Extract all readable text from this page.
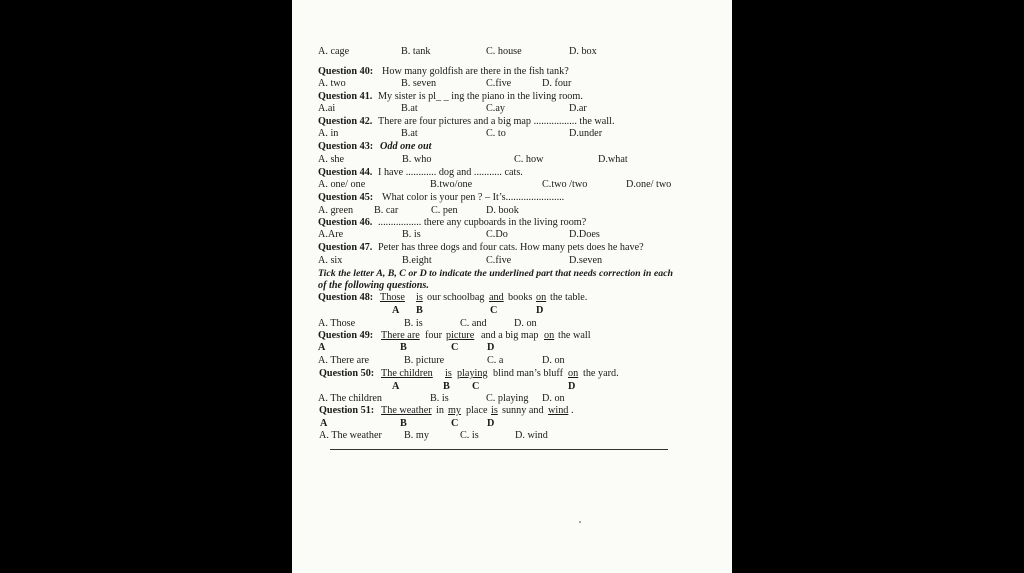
A. cage	B. tank	C. house	D. box
Question 40: How many goldfish are there in the fish tank?
A. two	B. seven	C.five	D. four
Question 41. My sister is pl_ _ ing the piano in the living room.
A.ai	B.at	C.ay	D.ar
Question 42. There are four pictures and a big map ................. the wall.
A. in	B.at	C. to	D.under
Question 43: Odd one out
A. she	B. who	C. how	D.what
Question 44. I have ............ dog and ........... cats.
A. one/ one	B.two/one	C.two /two	D.one/ two
Question 45: What color is your pen ? – It’s.......................
A. green B. car	C. pen	D. book
Question 46. ................. there any cupboards in the living room?
A.Are	B. is	C.Do	D.Does
Question 47. Peter has three dogs and four cats. How many pets does he have?
A. six	B.eight	C.five	D.seven
Tick the letter A, B, C or D to indicate the underlined part that needs correction in each
of the following questions.
Question 48: Those is our schoolbag and books on the table.
A B	C	D
A. Those	B. is	C. and	D. on
Question 49: There are four picture and a big map on the wall
A	B	C	D
A. There are	B. picture	C. a	D. on
Question 50: The children is playing blind man’s bluff on the yard.
A	B C	D
A. The children	B. is	C. playing D. on
Question 51: The weather in my place is sunny and wind .
A	B	C	D
A. The weather B. my	C. is	D. wind
